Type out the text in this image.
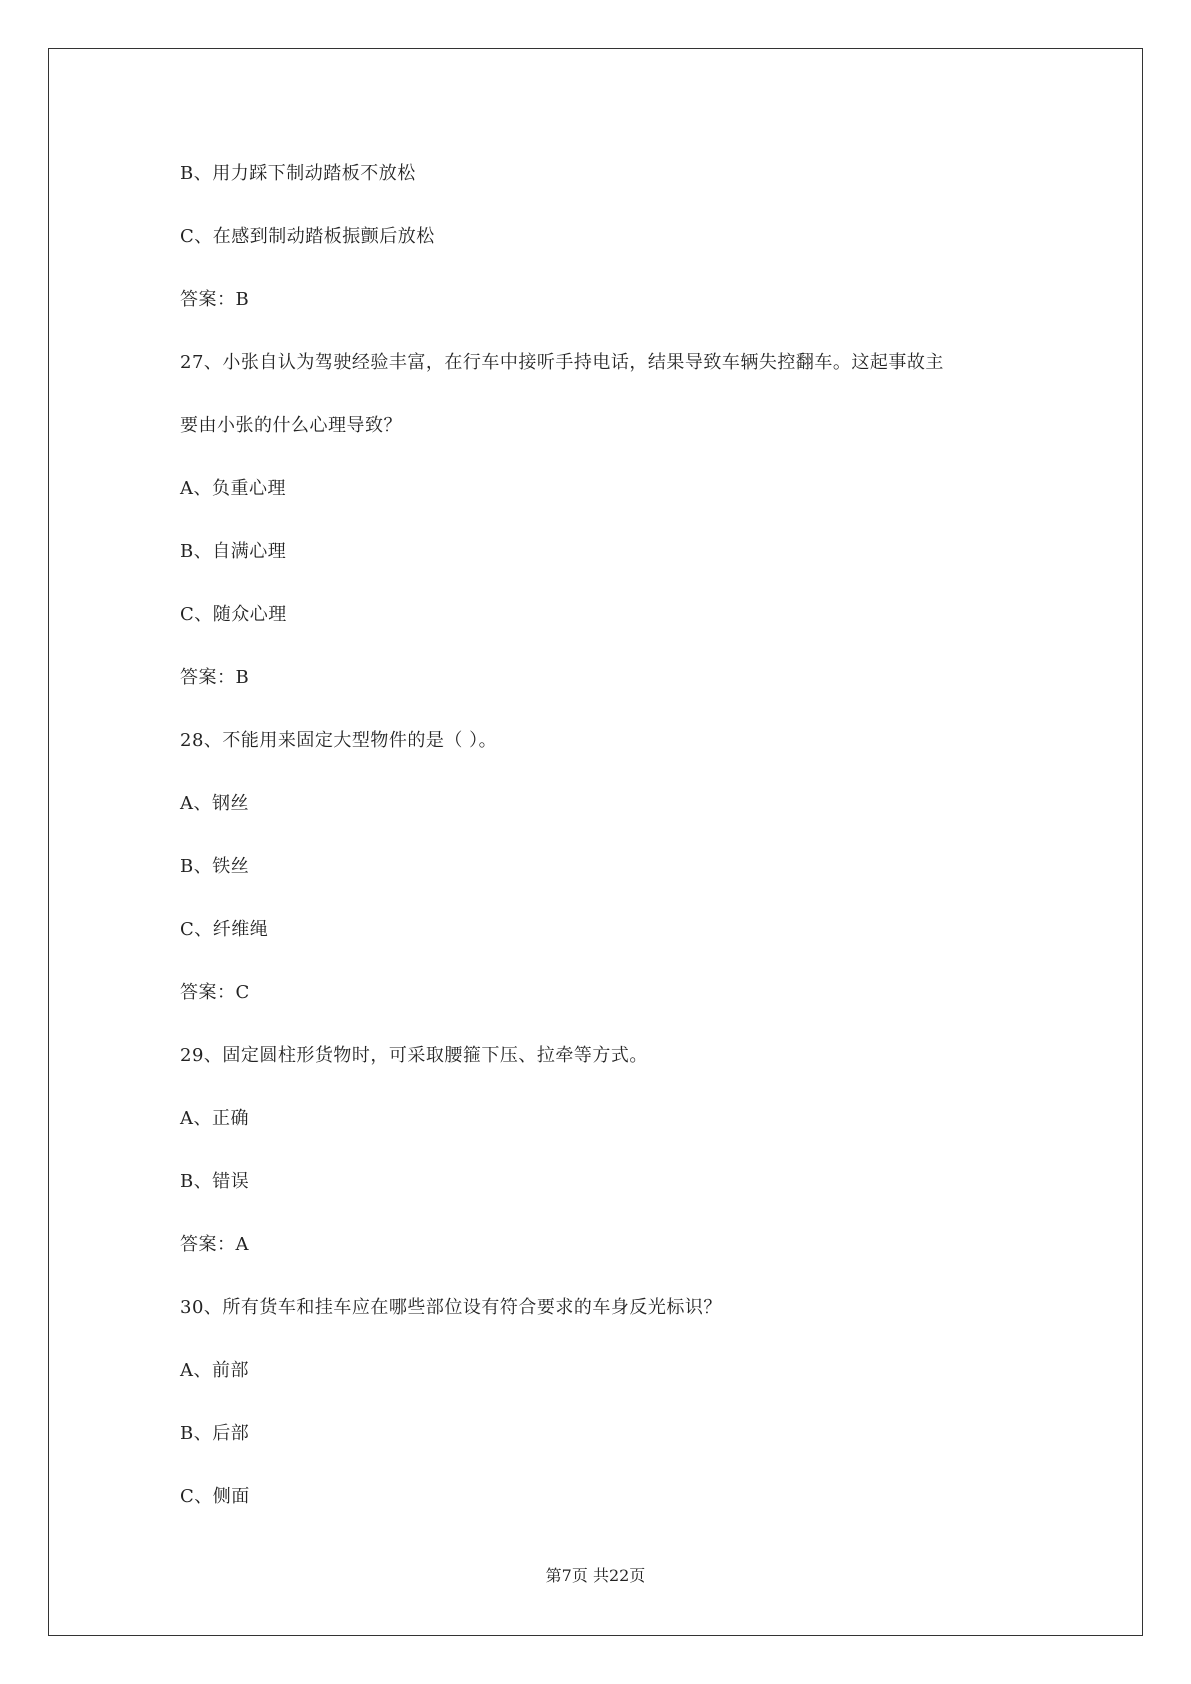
B、用力踩下制动踏板不放松
C、在感到制动踏板振颤后放松
答案：B
27、小张自认为驾驶经验丰富，在行车中接听手持电话，结果导致车辆失控翻车。这起事故主
要由小张的什么心理导致？
A、负重心理
B、自满心理
C、随众心理
答案：B
28、不能用来固定大型物件的是（ ）。
A、钢丝
B、铁丝
C、纤维绳
答案：C
29、固定圆柱形货物时，可采取腰箍下压、拉牵等方式。
A、正确
B、错误
答案：A
30、所有货车和挂车应在哪些部位设有符合要求的车身反光标识？
A、前部
B、后部
C、侧面
第7页 共22页
